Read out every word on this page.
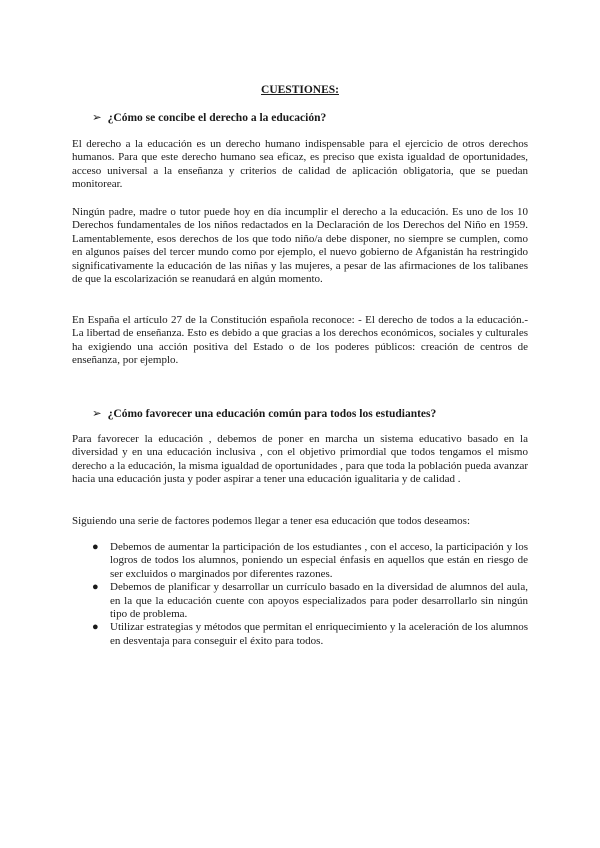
CUESTIONES:
➢ ¿Cómo se concibe el derecho a la educación?

El derecho a la educación es un derecho humano indispensable para el ejercicio de otros derechos humanos. Para que este derecho humano sea eficaz, es preciso que exista igualdad de oportunidades, acceso universal a la enseñanza y criterios de calidad de aplicación obligatoria, que se puedan monitorear.

Ningún padre, madre o tutor puede hoy en día incumplir el derecho a la educación. Es uno de los 10 Derechos fundamentales de los niños redactados en la Declaración de los Derechos del Niño en 1959. Lamentablemente, esos derechos de los que todo niño/a debe disponer, no siempre se cumplen, como en algunos países del tercer mundo como por ejemplo, el nuevo gobierno de Afganistán ha restringido significativamente la educación de las niñas y las mujeres, a pesar de las afirmaciones de los talibanes de que la escolarización se reanudará en algún momento.

En España el artículo 27 de la Constitución española reconoce: - El derecho de todos a la educación.- La libertad de enseñanza. Esto es debido a que gracias a los derechos económicos, sociales y culturales ha exigiendo una acción positiva del Estado o de los poderes públicos: creación de centros de enseñanza, por ejemplo.

➢ ¿Cómo favorecer una educación común para todos los estudiantes?

Para favorecer la educación , debemos de poner en marcha un sistema educativo basado en la diversidad y en una educación inclusiva , con el objetivo primordial que todos tengamos el mismo derecho a la educación, la misma igualdad de oportunidades , para que toda la población pueda avanzar hacia una educación justa y poder aspirar a tener una educación igualitaria y de calidad .

Siguiendo una serie de factores podemos llegar a tener esa educación que todos deseamos:

● Debemos de aumentar la participación de los estudiantes , con el acceso, la participación y los logros de todos los alumnos, poniendo un especial énfasis en aquellos que están en riesgo de ser excluidos o marginados por diferentes razones.
● Debemos de planificar y desarrollar un currículo basado en la diversidad de alumnos del aula, en la que la educación cuente con apoyos especializados para poder desarrollarlo sin ningún tipo de problema.
● Utilizar estrategias y métodos que permitan el enriquecimiento y la aceleración de los alumnos en desventaja para conseguir el éxito para todos.
